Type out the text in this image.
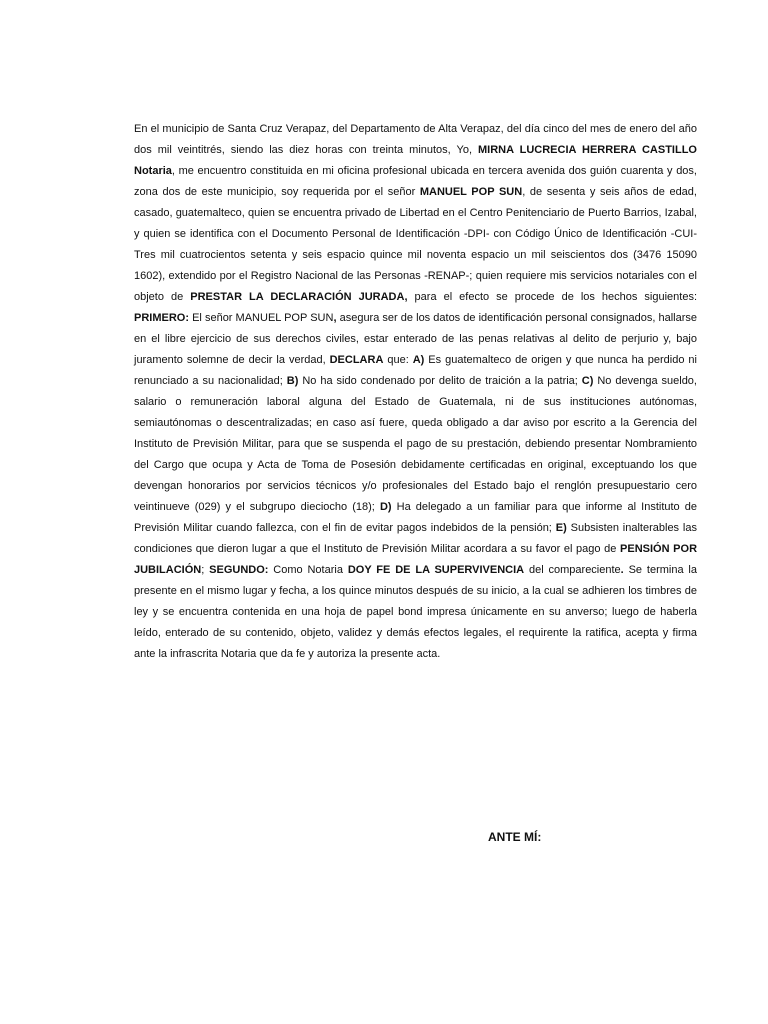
En el municipio de Santa Cruz Verapaz, del Departamento de Alta Verapaz, del día cinco del mes de enero del año dos mil veintitrés, siendo las diez horas con treinta minutos, Yo, MIRNA LUCRECIA HERRERA CASTILLO Notaria, me encuentro constituida en mi oficina profesional ubicada en tercera avenida dos guión cuarenta y dos, zona dos de este municipio, soy requerida por el señor MANUEL POP SUN, de sesenta y seis años de edad, casado, guatemalteco, quien se encuentra privado de Libertad en el Centro Penitenciario de Puerto Barrios, Izabal, y quien se identifica con el Documento Personal de Identificación -DPI- con Código Único de Identificación -CUI- Tres mil cuatrocientos setenta y seis espacio quince mil noventa espacio un mil seiscientos dos (3476 15090 1602), extendido por el Registro Nacional de las Personas -RENAP-; quien requiere mis servicios notariales con el objeto de PRESTAR LA DECLARACIÓN JURADA, para el efecto se procede de los hechos siguientes: PRIMERO: El señor MANUEL POP SUN, asegura ser de los datos de identificación personal consignados, hallarse en el libre ejercicio de sus derechos civiles, estar enterado de las penas relativas al delito de perjurio y, bajo juramento solemne de decir la verdad, DECLARA que: A) Es guatemalteco de origen y que nunca ha perdido ni renunciado a su nacionalidad; B) No ha sido condenado por delito de traición a la patria; C) No devenga sueldo, salario o remuneración laboral alguna del Estado de Guatemala, ni de sus instituciones autónomas, semiautónomas o descentralizadas; en caso así fuere, queda obligado a dar aviso por escrito a la Gerencia del Instituto de Previsión Militar, para que se suspenda el pago de su prestación, debiendo presentar Nombramiento del Cargo que ocupa y Acta de Toma de Posesión debidamente certificadas en original, exceptuando los que devengan honorarios por servicios técnicos y/o profesionales del Estado bajo el renglón presupuestario cero veintinueve (029) y el subgrupo dieciocho (18); D) Ha delegado a un familiar para que informe al Instituto de Previsión Militar cuando fallezca, con el fin de evitar pagos indebidos de la pensión; E) Subsisten inalterables las condiciones que dieron lugar a que el Instituto de Previsión Militar acordara a su favor el pago de PENSIÓN POR JUBILACIÓN; SEGUNDO: Como Notaria DOY FE DE LA SUPERVIVENCIA del compareciente. Se termina la presente en el mismo lugar y fecha, a los quince minutos después de su inicio, a la cual se adhieren los timbres de ley y se encuentra contenida en una hoja de papel bond impresa únicamente en su anverso; luego de haberla leído, enterado de su contenido, objeto, validez y demás efectos legales, el requirente la ratifica, acepta y firma ante la infrascrita Notaria que da fe y autoriza la presente acta.

ANTE MÍ:
